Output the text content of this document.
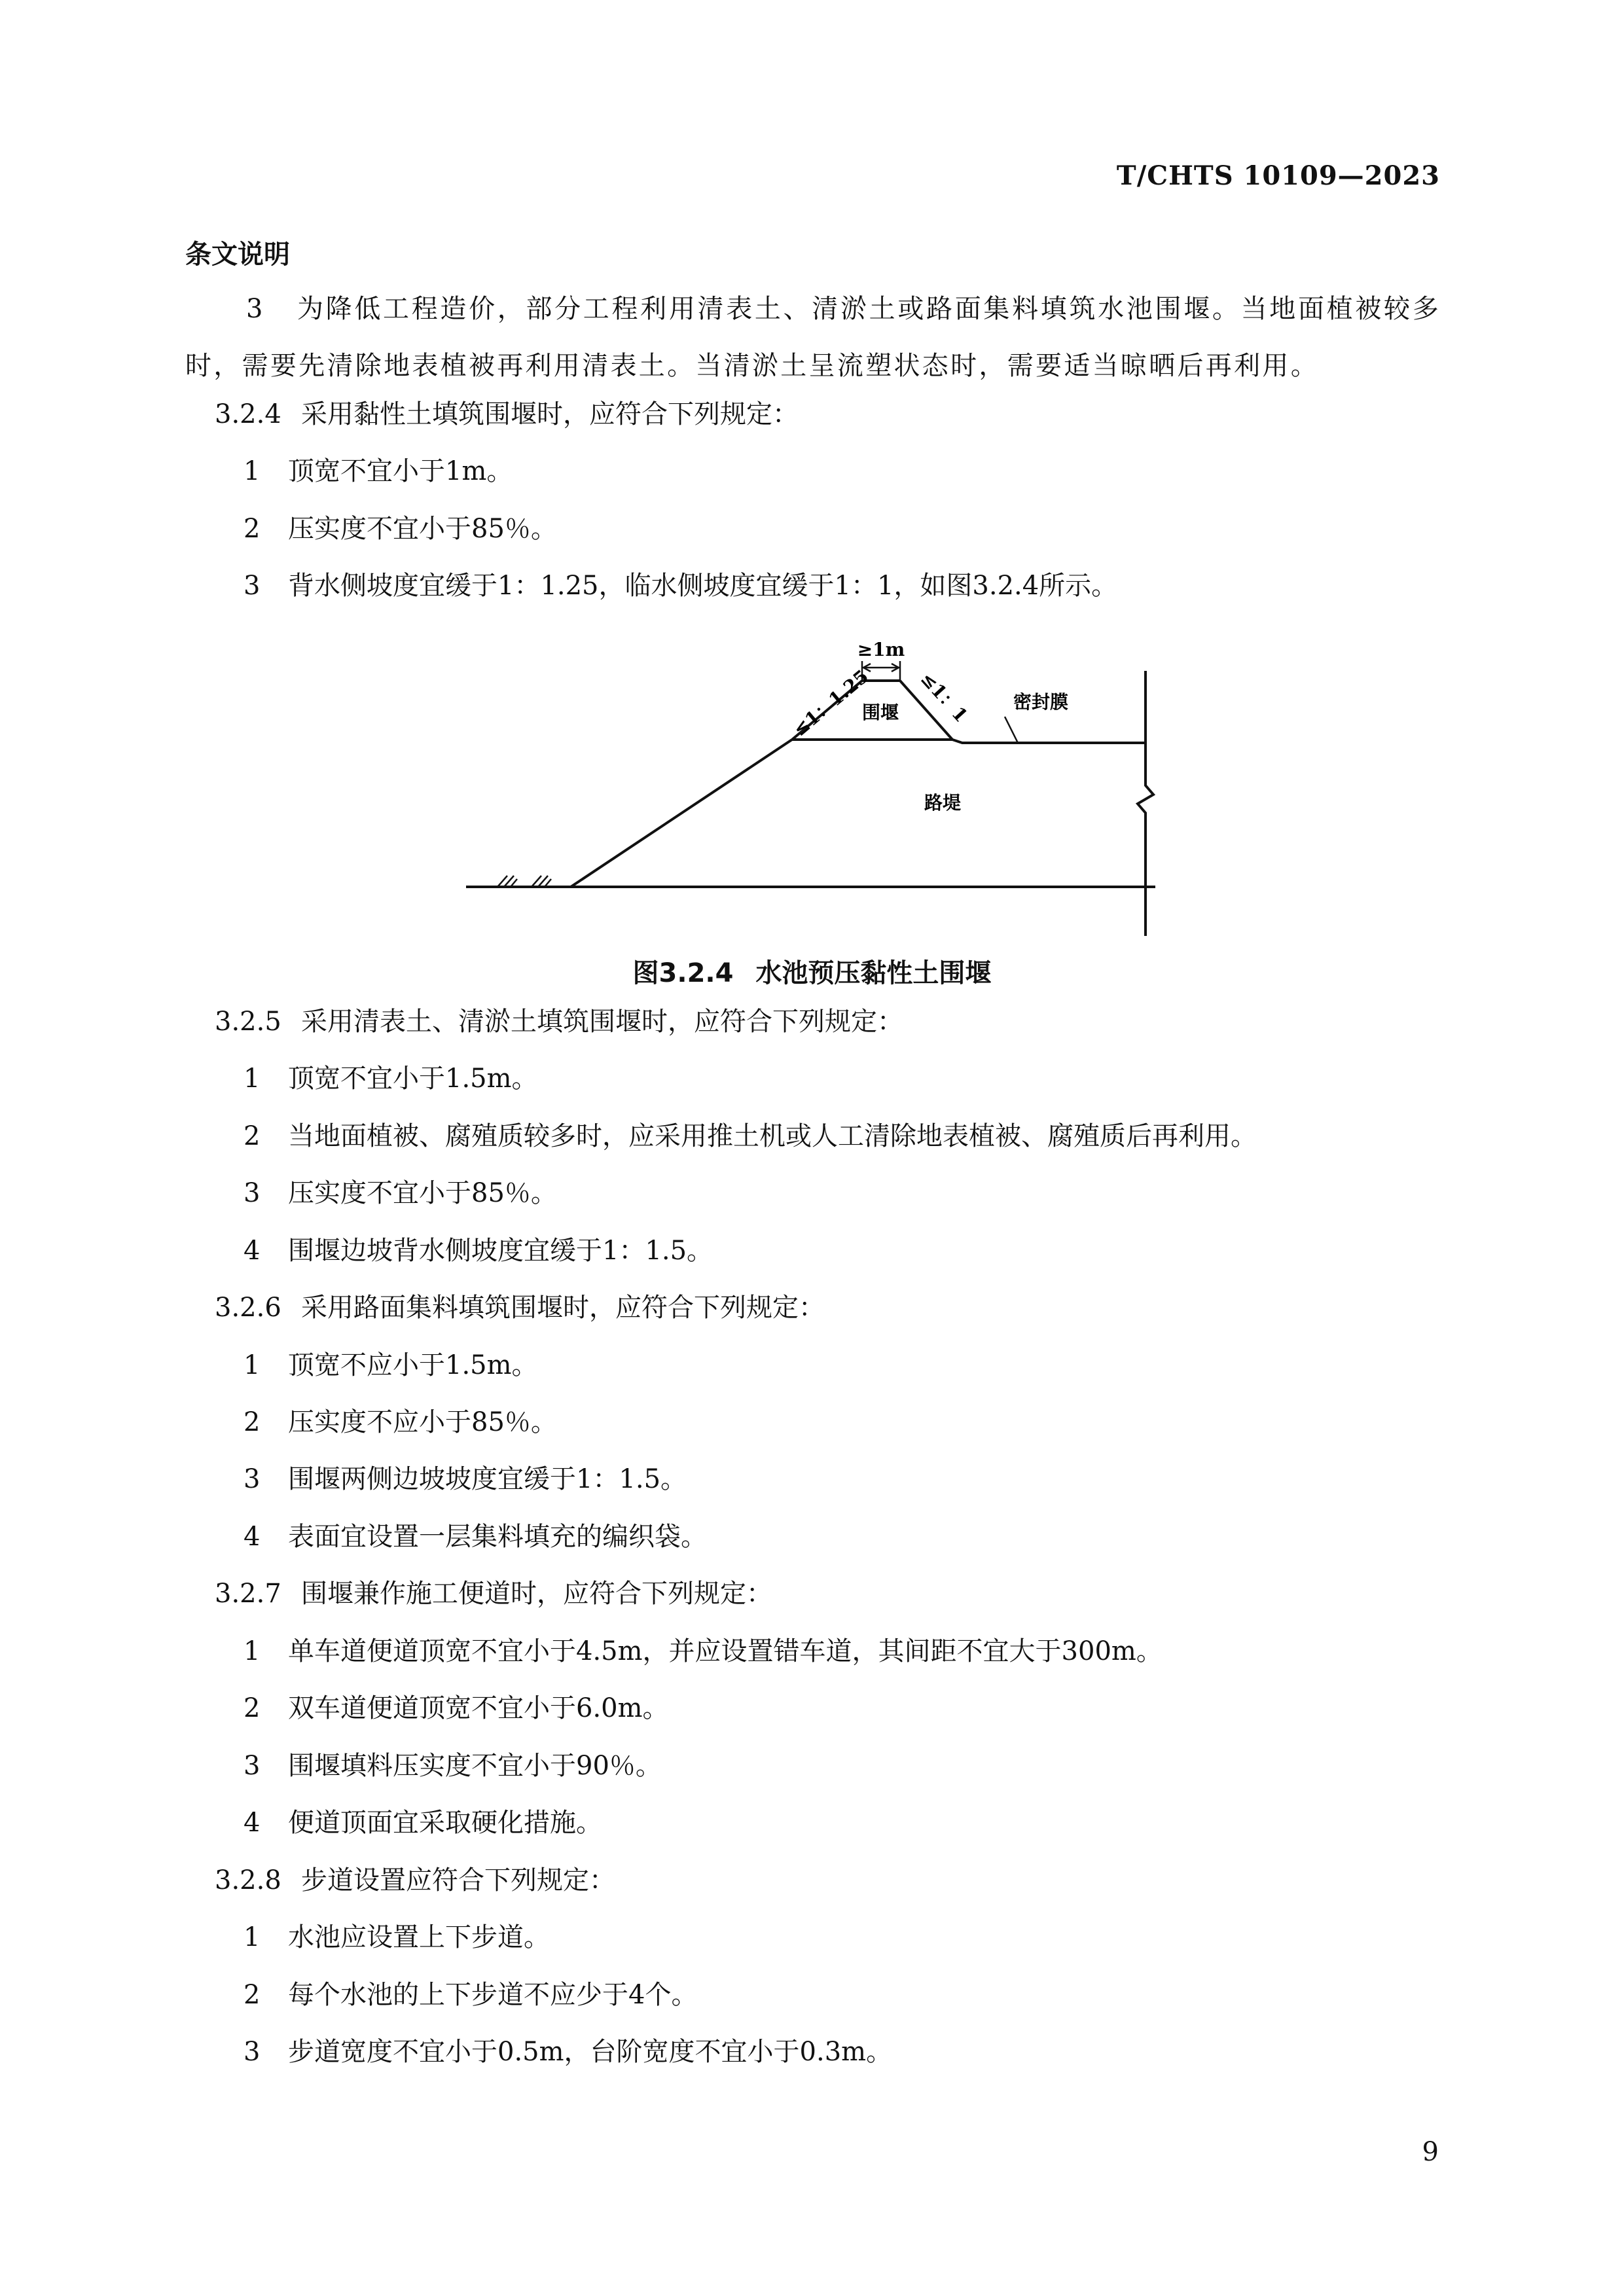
T/CHTS 10109—2023
条文说明
3 为降低工程造价，部分工程利用清表土、清淤土或路面集料填筑水池围堰。当地面植被较多时，需要先清除地表植被再利用清表土。当清淤土呈流塑状态时，需要适当晾晒后再利用。
3.2.4 采用黏性土填筑围堰时，应符合下列规定：
1 顶宽不宜小于1m。
2 压实度不宜小于85％。
3 背水侧坡度宜缓于1：1.25，临水侧坡度宜缓于1：1，如图3.2.4所示。
≥1m
≤1：1.25 ≤1：1
围堰	密封膜
路堤
图3.2.4 水池预压黏性土围堰
3.2.5 采用清表土、清淤土填筑围堰时，应符合下列规定：
1 顶宽不宜小于1.5m。
2 当地面植被、腐殖质较多时，应采用推土机或人工清除地表植被、腐殖质后再利用。
3 压实度不宜小于85％。
4 围堰边坡背水侧坡度宜缓于1：1.5。
3.2.6 采用路面集料填筑围堰时，应符合下列规定：
1 顶宽不应小于1.5m。
2 压实度不应小于85％。
3 围堰两侧边坡坡度宜缓于1：1.5。
4 表面宜设置一层集料填充的编织袋。
3.2.7 围堰兼作施工便道时，应符合下列规定：
1 单车道便道顶宽不宜小于4.5m，并应设置错车道，其间距不宜大于300m。
2 双车道便道顶宽不宜小于6.0m。
3 围堰填料压实度不宜小于90％。
4 便道顶面宜采取硬化措施。
3.2.8 步道设置应符合下列规定：
1 水池应设置上下步道。
2 每个水池的上下步道不应少于4个。
3 步道宽度不宜小于0.5m，台阶宽度不宜小于0.3m。
9
